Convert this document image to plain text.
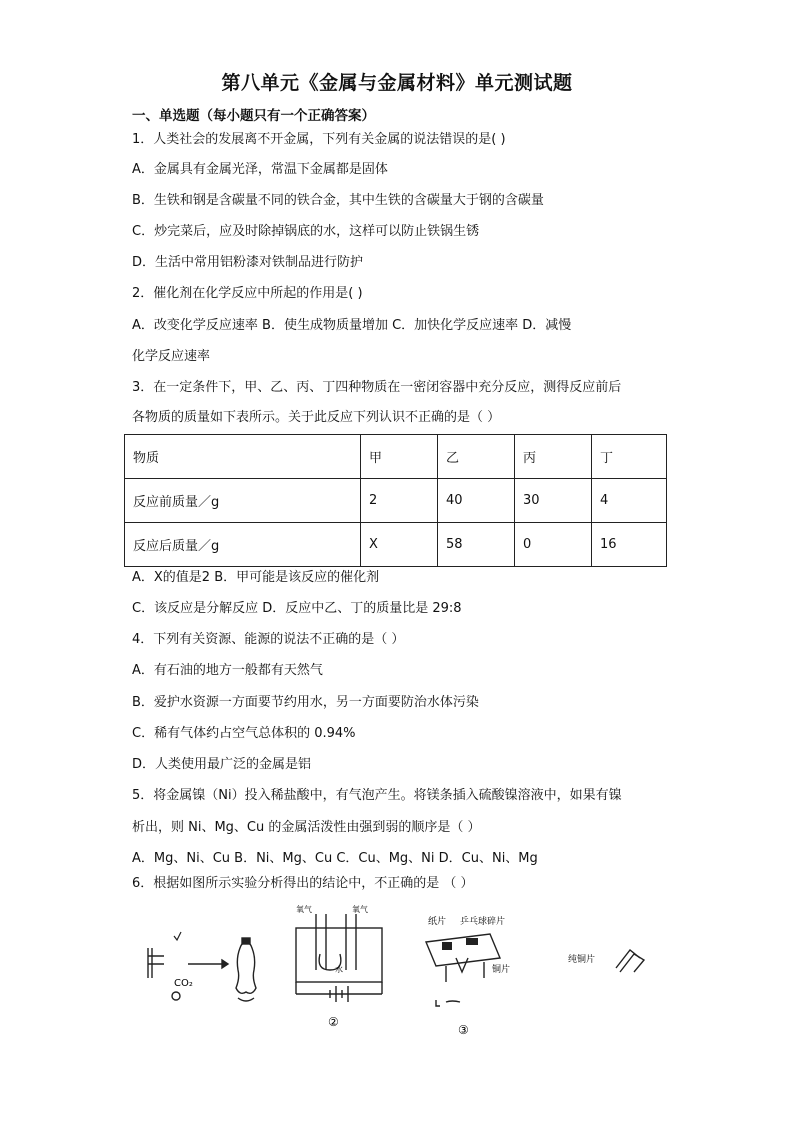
第八单元《金属与金属材料》单元测试题
一、单选题（每小题只有一个正确答案）
1．人类社会的发展离不开金属，下列有关金属的说法错误的是( )
A．金属具有金属光泽，常温下金属都是固体
B．生铁和钢是含碳量不同的铁合金，其中生铁的含碳量大于钢的含碳量
C．炒完菜后，应及时除掉锅底的水，这样可以防止铁锅生锈
D．生活中常用铝粉漆对铁制品进行防护
2．催化剂在化学反应中所起的作用是( )
A．改变化学反应速率 B．使生成物质量增加 C．加快化学反应速率 D．减慢
化学反应速率
3．在一定条件下，甲、乙、丙、丁四种物质在一密闭容器中充分反应，测得反应前后
各物质的质量如下表所示。关于此反应下列认识不正确的是（ ）
物质	甲	乙	丙	丁
反应前质量／g	2	40	30	4
反应后质量／g	X	58	0	16
A．X的值是2 B．甲可能是该反应的催化剂
C．该反应是分解反应 D．反应中乙、丁的质量比是 29:8
4．下列有关资源、能源的说法不正确的是（ ）
A．有石油的地方一般都有天然气
B．爱护水资源一方面要节约用水，另一方面要防治水体污染
C．稀有气体约占空气总体积的 0.94%
D．人类使用最广泛的金属是铝
5．将金属镍（Ni）投入稀盐酸中，有气泡产生。将镁条插入硫酸镍溶液中，如果有镍
析出，则 Ni、Mg、Cu 的金属活泼性由强到弱的顺序是（ ）
A．Mg、Ni、Cu B．Ni、Mg、Cu C．Cu、Mg、Ni D．Cu、Ni、Mg
6．根据如图所示实验分析得出的结论中，不正确的是 （ ）
CO₂
氧气	氧气
水
②
纸片 乒乓球碎片
铜片
③
纯铜片
